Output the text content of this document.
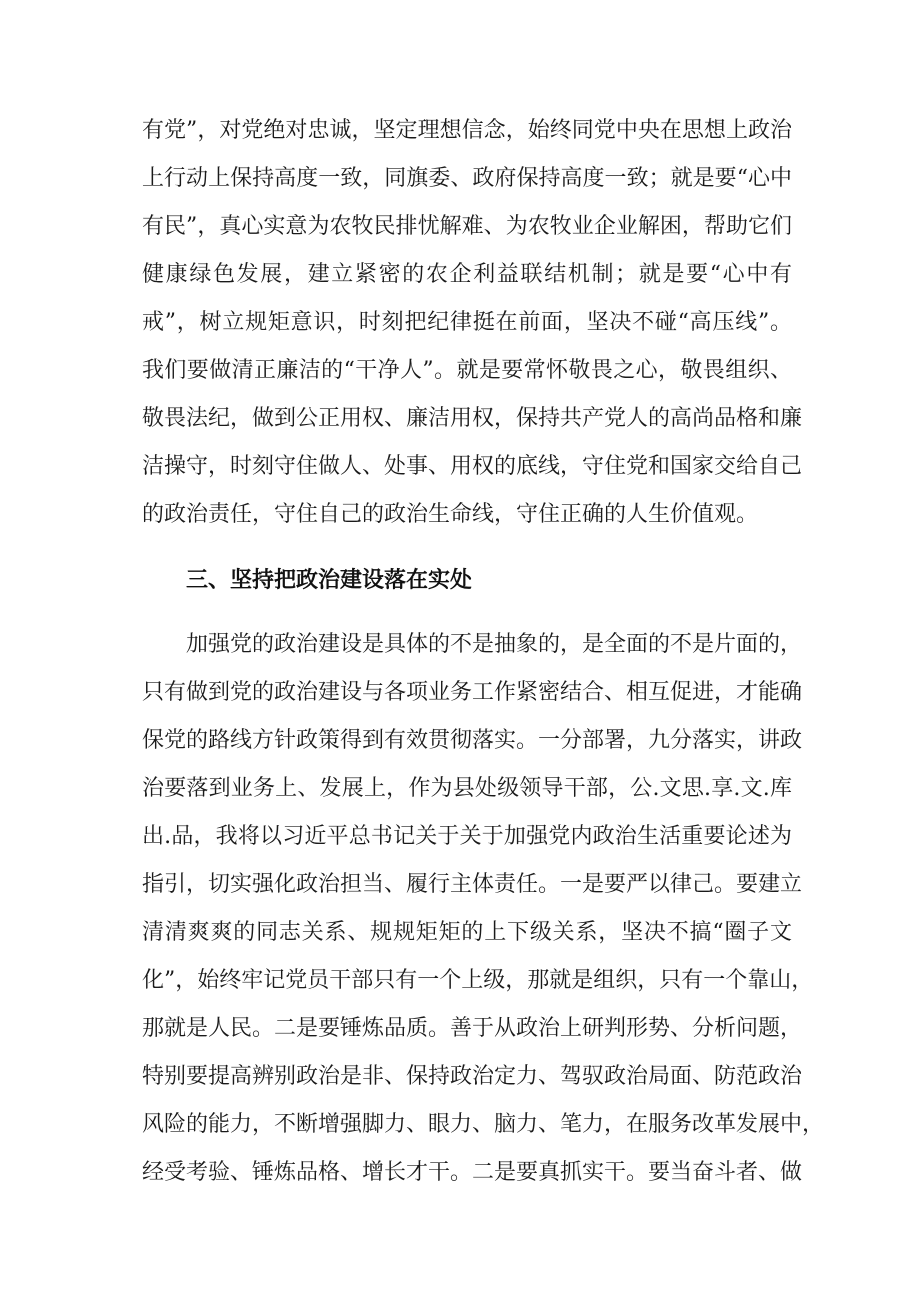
有党”，对党绝对忠诚，坚定理想信念，始终同党中央在思想上政治
上行动上保持高度一致，同旗委、政府保持高度一致；就是要“心中
有民”，真心实意为农牧民排忧解难、为农牧业企业解困，帮助它们
健康绿色发展，建立紧密的农企利益联结机制；就是要“心中有
戒”，树立规矩意识，时刻把纪律挺在前面，坚决不碰“高压线”。
我们要做清正廉洁的“干净人”。就是要常怀敬畏之心，敬畏组织、
敬畏法纪，做到公正用权、廉洁用权，保持共产党人的高尚品格和廉
洁操守，时刻守住做人、处事、用权的底线，守住党和国家交给自己
的政治责任，守住自己的政治生命线，守住正确的人生价值观。
三、坚持把政治建设落在实处
加强党的政治建设是具体的不是抽象的，是全面的不是片面的，
只有做到党的政治建设与各项业务工作紧密结合、相互促进，才能确
保党的路线方针政策得到有效贯彻落实。一分部署，九分落实，讲政
治要落到业务上、发展上，作为县处级领导干部，公.文思.享.文.库
出.品，我将以习近平总书记关于关于加强党内政治生活重要论述为
指引，切实强化政治担当、履行主体责任。一是要严以律己。要建立
清清爽爽的同志关系、规规矩矩的上下级关系，坚决不搞“圈子文
化”，始终牢记党员干部只有一个上级，那就是组织，只有一个靠山，
那就是人民。二是要锤炼品质。善于从政治上研判形势、分析问题，
特别要提高辨别政治是非、保持政治定力、驾驭政治局面、防范政治
风险的能力，不断增强脚力、眼力、脑力、笔力，在服务改革发展中，
经受考验、锤炼品格、增长才干。二是要真抓实干。要当奋斗者、做
